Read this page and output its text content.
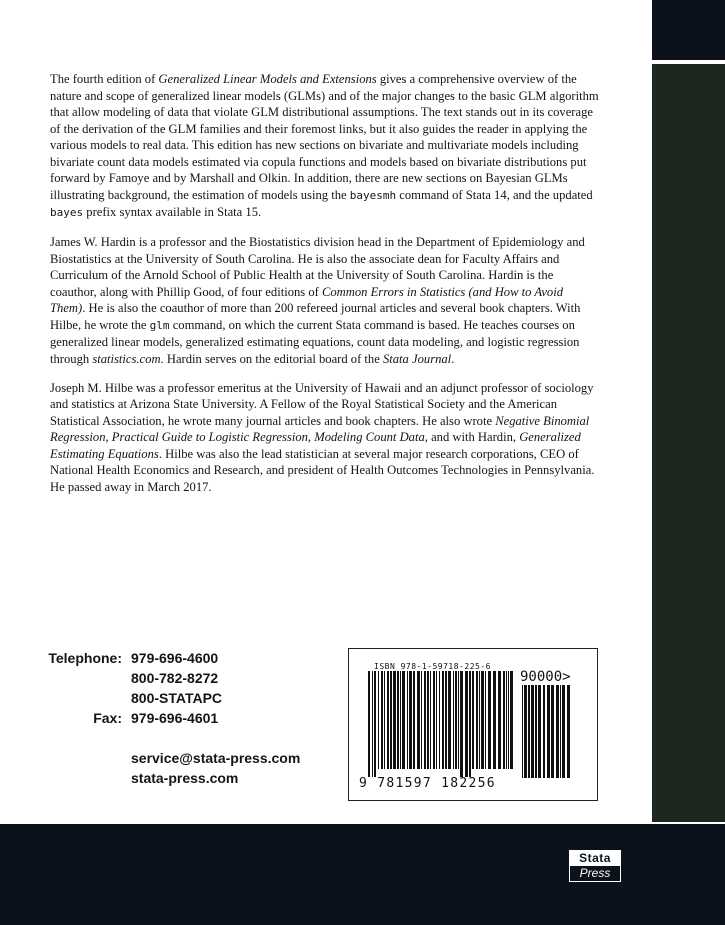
The fourth edition of Generalized Linear Models and Extensions gives a comprehensive overview of the nature and scope of generalized linear models (GLMs) and of the major changes to the basic GLM algorithm that allow modeling of data that violate GLM distributional assumptions. The text stands out in its coverage of the derivation of the GLM families and their foremost links, but it also guides the reader in applying the various models to real data. This edition has new sections on bivariate and multivariate models including bivariate count data models estimated via copula functions and models based on bivariate distributions put forward by Famoye and by Marshall and Olkin. In addition, there are new sections on Bayesian GLMs illustrating background, the estimation of models using the bayesmh command of Stata 14, and the updated bayes prefix syntax available in Stata 15.

James W. Hardin is a professor and the Biostatistics division head in the Department of Epidemiology and Biostatistics at the University of South Carolina. He is also the associate dean for Faculty Affairs and Curriculum of the Arnold School of Public Health at the University of South Carolina. Hardin is the coauthor, along with Phillip Good, of four editions of Common Errors in Statistics (and How to Avoid Them). He is also the coauthor of more than 200 refereed journal articles and several book chapters. With Hilbe, he wrote the glm command, on which the current Stata command is based. He teaches courses on generalized linear models, generalized estimating equations, count data modeling, and logistic regression through statistics.com. Hardin serves on the editorial board of the Stata Journal.

Joseph M. Hilbe was a professor emeritus at the University of Hawaii and an adjunct professor of sociology and statistics at Arizona State University. A Fellow of the Royal Statistical Society and the American Statistical Association, he wrote many journal articles and book chapters. He also wrote Negative Binomial Regression, Practical Guide to Logistic Regression, Modeling Count Data, and with Hardin, Generalized Estimating Equations. Hilbe was also the lead statistician at several major research corporations, CEO of National Health Economics and Research, and president of Health Outcomes Technologies in Pennsylvania. He passed away in March 2017.

Telephone: 979-696-4600
800-782-8272
800-STATAPC
Fax: 979-696-4601
service@stata-press.com
stata-press.com
ISBN 978-1-59718-225-6
90000>
9 781597 182256
Stata
Press
